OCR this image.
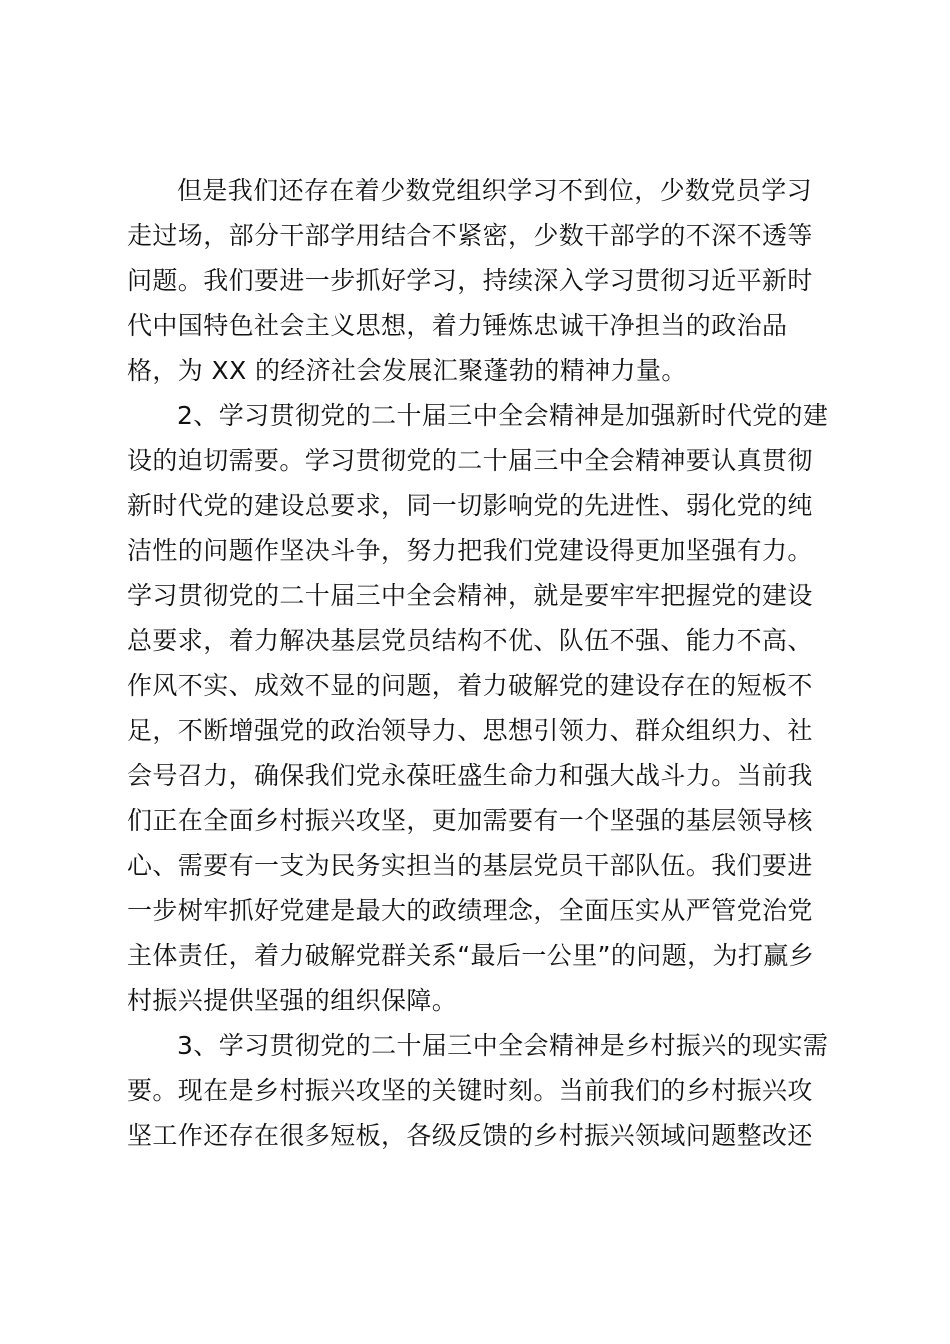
但是我们还存在着少数党组织学习不到位，少数党员学习
走过场，部分干部学用结合不紧密，少数干部学的不深不透等
问题。我们要进一步抓好学习，持续深入学习贯彻习近平新时
代中国特色社会主义思想，着力锤炼忠诚干净担当的政治品
格，为 XX 的经济社会发展汇聚蓬勃的精神力量。
2、学习贯彻党的二十届三中全会精神是加强新时代党的建
设的迫切需要。学习贯彻党的二十届三中全会精神要认真贯彻
新时代党的建设总要求，同一切影响党的先进性、弱化党的纯
洁性的问题作坚决斗争，努力把我们党建设得更加坚强有力。
学习贯彻党的二十届三中全会精神，就是要牢牢把握党的建设
总要求，着力解决基层党员结构不优、队伍不强、能力不高、
作风不实、成效不显的问题，着力破解党的建设存在的短板不
足，不断增强党的政治领导力、思想引领力、群众组织力、社
会号召力，确保我们党永葆旺盛生命力和强大战斗力。当前我
们正在全面乡村振兴攻坚，更加需要有一个坚强的基层领导核
心、需要有一支为民务实担当的基层党员干部队伍。我们要进
一步树牢抓好党建是最大的政绩理念，全面压实从严管党治党
主体责任，着力破解党群关系“最后一公里”的问题，为打赢乡
村振兴提供坚强的组织保障。
3、学习贯彻党的二十届三中全会精神是乡村振兴的现实需
要。现在是乡村振兴攻坚的关键时刻。当前我们的乡村振兴攻
坚工作还存在很多短板，各级反馈的乡村振兴领域问题整改还
